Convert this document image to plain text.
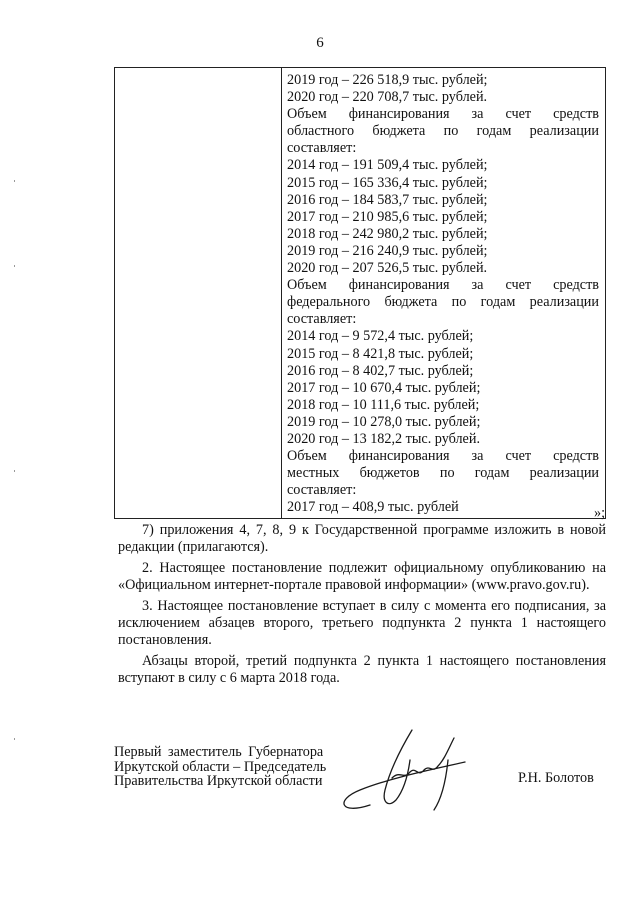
6
2019 год – 226 518,9 тыс. рублей;
2020 год – 220 708,7 тыс. рублей.
Объем финансирования за счет средств
областного бюджета по годам реализации
составляет:
2014 год – 191 509,4 тыс. рублей;
2015 год – 165 336,4 тыс. рублей;
2016 год – 184 583,7 тыс. рублей;
2017 год – 210 985,6 тыс. рублей;
2018 год – 242 980,2 тыс. рублей;
2019 год – 216 240,9 тыс. рублей;
2020 год – 207 526,5 тыс. рублей.
Объем финансирования за счет средств
федерального бюджета по годам реализации
составляет:
2014 год – 9 572,4 тыс. рублей;
2015 год – 8 421,8 тыс. рублей;
2016 год – 8 402,7 тыс. рублей;
2017 год – 10 670,4 тыс. рублей;
2018 год – 10 111,6 тыс. рублей;
2019 год – 10 278,0 тыс. рублей;
2020 год – 13 182,2 тыс. рублей.
Объем финансирования за счет средств
местных бюджетов по годам реализации
составляет:
2017 год – 408,9 тыс. рублей	»;

7) приложения 4, 7, 8, 9 к Государственной программе изложить в новой редакции (прилагаются).

2. Настоящее постановление подлежит официальному опубликованию на «Официальном интернет-портале правовой информации» (www.pravo.gov.ru).

3. Настоящее постановление вступает в силу с момента его подписания, за исключением абзацев второго, третьего подпункта 2 пункта 1 настоящего постановления.

Абзацы второй, третий подпункта 2 пункта 1 настоящего постановления вступают в силу с 6 марта 2018 года.

Первый заместитель Губернатора
Иркутской области – Председатель
Правительства Иркутской области	Р.Н. Болотов
